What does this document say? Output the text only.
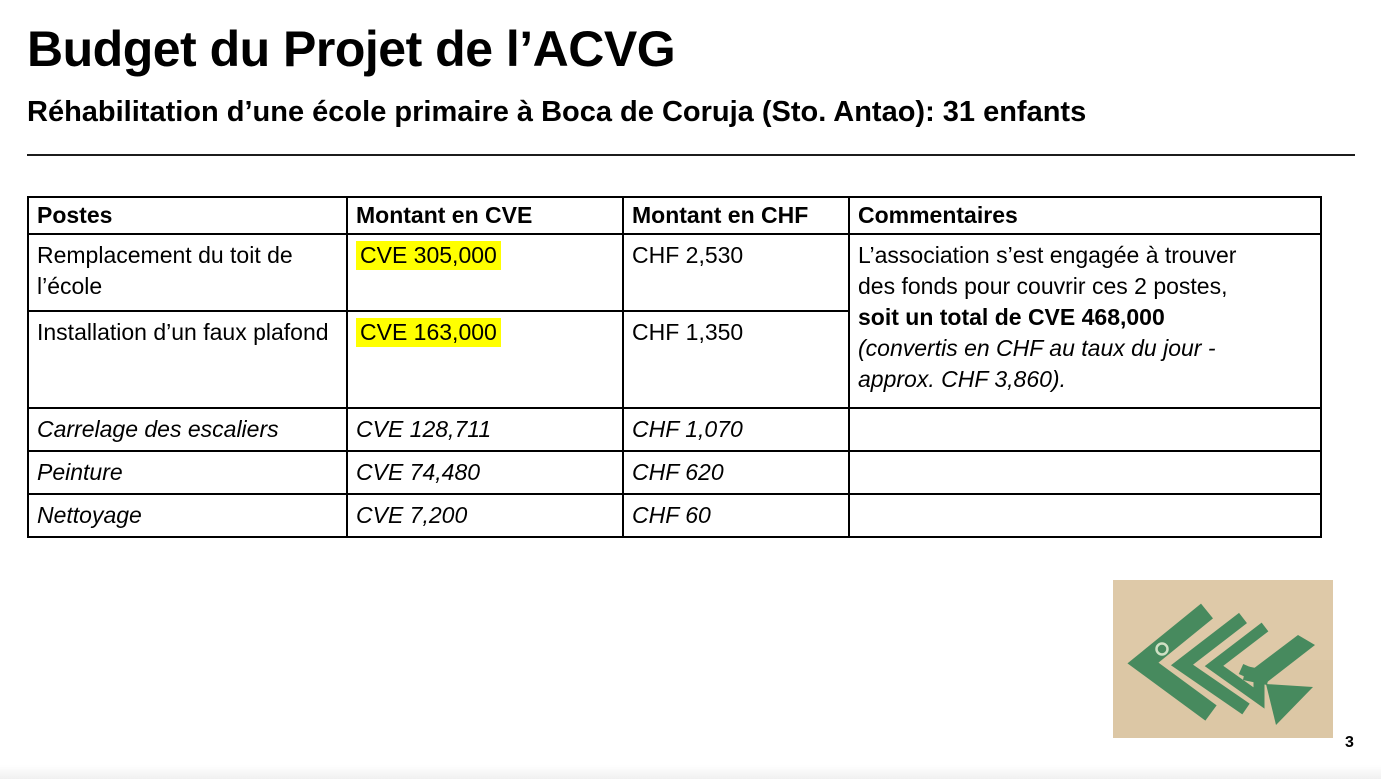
Budget du Projet de l’ACVG
Réhabilitation d’une école primaire à Boca de Coruja (Sto. Antao): 31 enfants
Postes	Montant en CVE	Montant en CHF	Commentaires
Remplacement du toit de l’école	CVE 305,000	CHF 2,530	L’association s’est engagée à trouver
des fonds pour couvrir ces 2 postes,
soit un total de CVE 468,000
(convertis en CHF au taux du jour -
approx. CHF 3,860).

Installation d’un faux plafond	CVE 163,000	CHF 1,350	
Carrelage des escaliers	CVE 128,711	CHF 1,070	
Peinture	CVE 74,480	CHF 620	
Nettoyage	CVE 7,200	CHF 60	
3
